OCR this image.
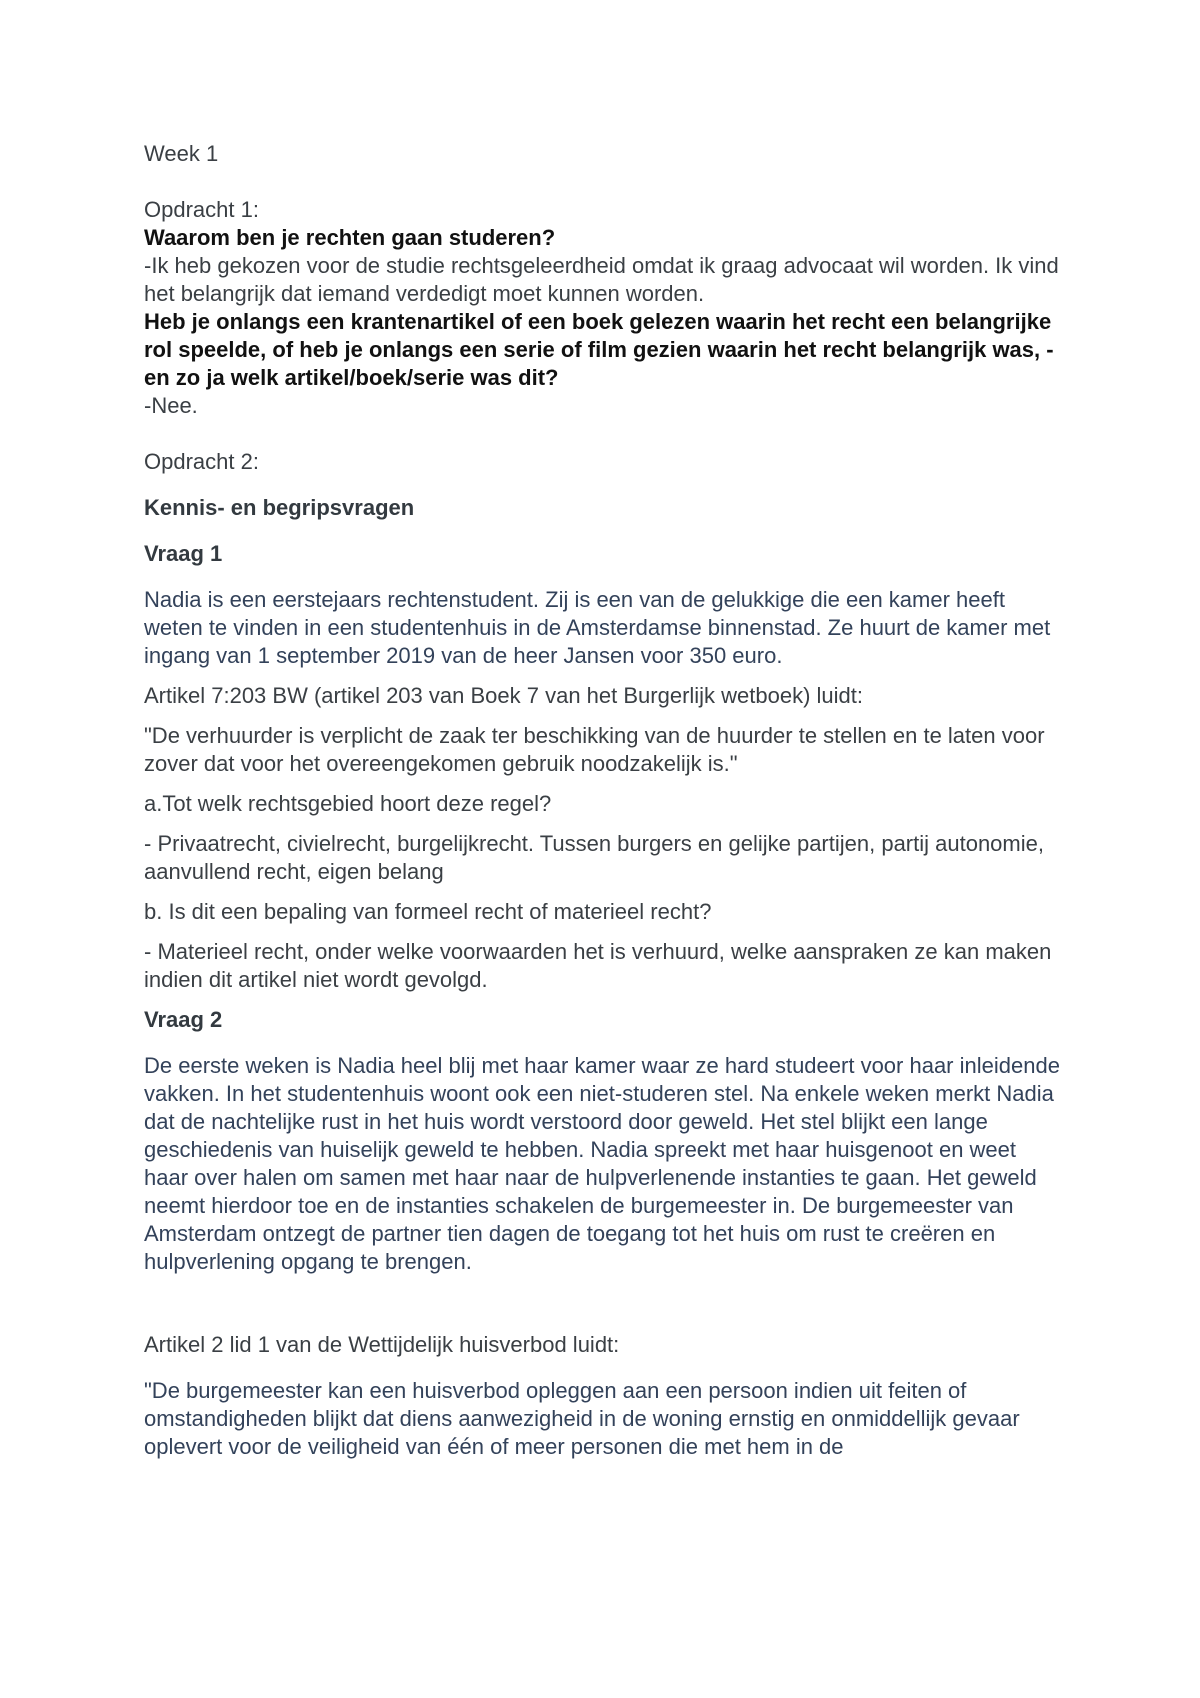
Week 1

Opdracht 1:

Waarom ben je rechten gaan studeren?

-Ik heb gekozen voor de studie rechtsgeleerdheid omdat ik graag advocaat wil worden. Ik vind het belangrijk dat iemand verdedigt moet kunnen worden.

Heb je onlangs een krantenartikel of een boek gelezen waarin het recht een belangrijke rol speelde, of heb je onlangs een serie of film gezien waarin het recht belangrijk was, - en zo ja welk artikel/boek/serie was dit?

-Nee.

Opdracht 2:

Kennis- en begripsvragen

Vraag 1

Nadia is een eerstejaars rechtenstudent. Zij is een van de gelukkige die een kamer heeft weten te vinden in een studentenhuis in de Amsterdamse binnenstad. Ze huurt de kamer met ingang van 1 september 2019 van de heer Jansen voor 350 euro.

Artikel 7:203 BW (artikel 203 van Boek 7 van het Burgerlijk wetboek) luidt:

"De verhuurder is verplicht de zaak ter beschikking van de huurder te stellen en te laten voor zover dat voor het overeengekomen gebruik noodzakelijk is."

a.Tot welk rechtsgebied hoort deze regel?

- Privaatrecht, civielrecht, burgelijkrecht. Tussen burgers en gelijke partijen, partij autonomie, aanvullend recht, eigen belang

b. Is dit een bepaling van formeel recht of materieel recht?

- Materieel recht, onder welke voorwaarden het is verhuurd, welke aanspraken ze kan maken indien dit artikel niet wordt gevolgd.

Vraag 2

De eerste weken is Nadia heel blij met haar kamer waar ze hard studeert voor haar inleidende vakken. In het studentenhuis woont ook een niet-studeren stel. Na enkele weken merkt Nadia dat de nachtelijke rust in het huis wordt verstoord door geweld. Het stel blijkt een lange geschiedenis van huiselijk geweld te hebben. Nadia spreekt met haar huisgenoot en weet haar over halen om samen met haar naar de hulpverlenende instanties te gaan. Het geweld neemt hierdoor toe en de instanties schakelen de burgemeester in. De burgemeester van Amsterdam ontzegt de partner tien dagen de toegang tot het huis om rust te creëren en hulpverlening opgang te brengen.

Artikel 2 lid 1 van de Wettijdelijk huisverbod luidt:

"De burgemeester kan een huisverbod opleggen aan een persoon indien uit feiten of omstandigheden blijkt dat diens aanwezigheid in de woning ernstig en onmiddellijk gevaar oplevert voor de veiligheid van één of meer personen die met hem in de
